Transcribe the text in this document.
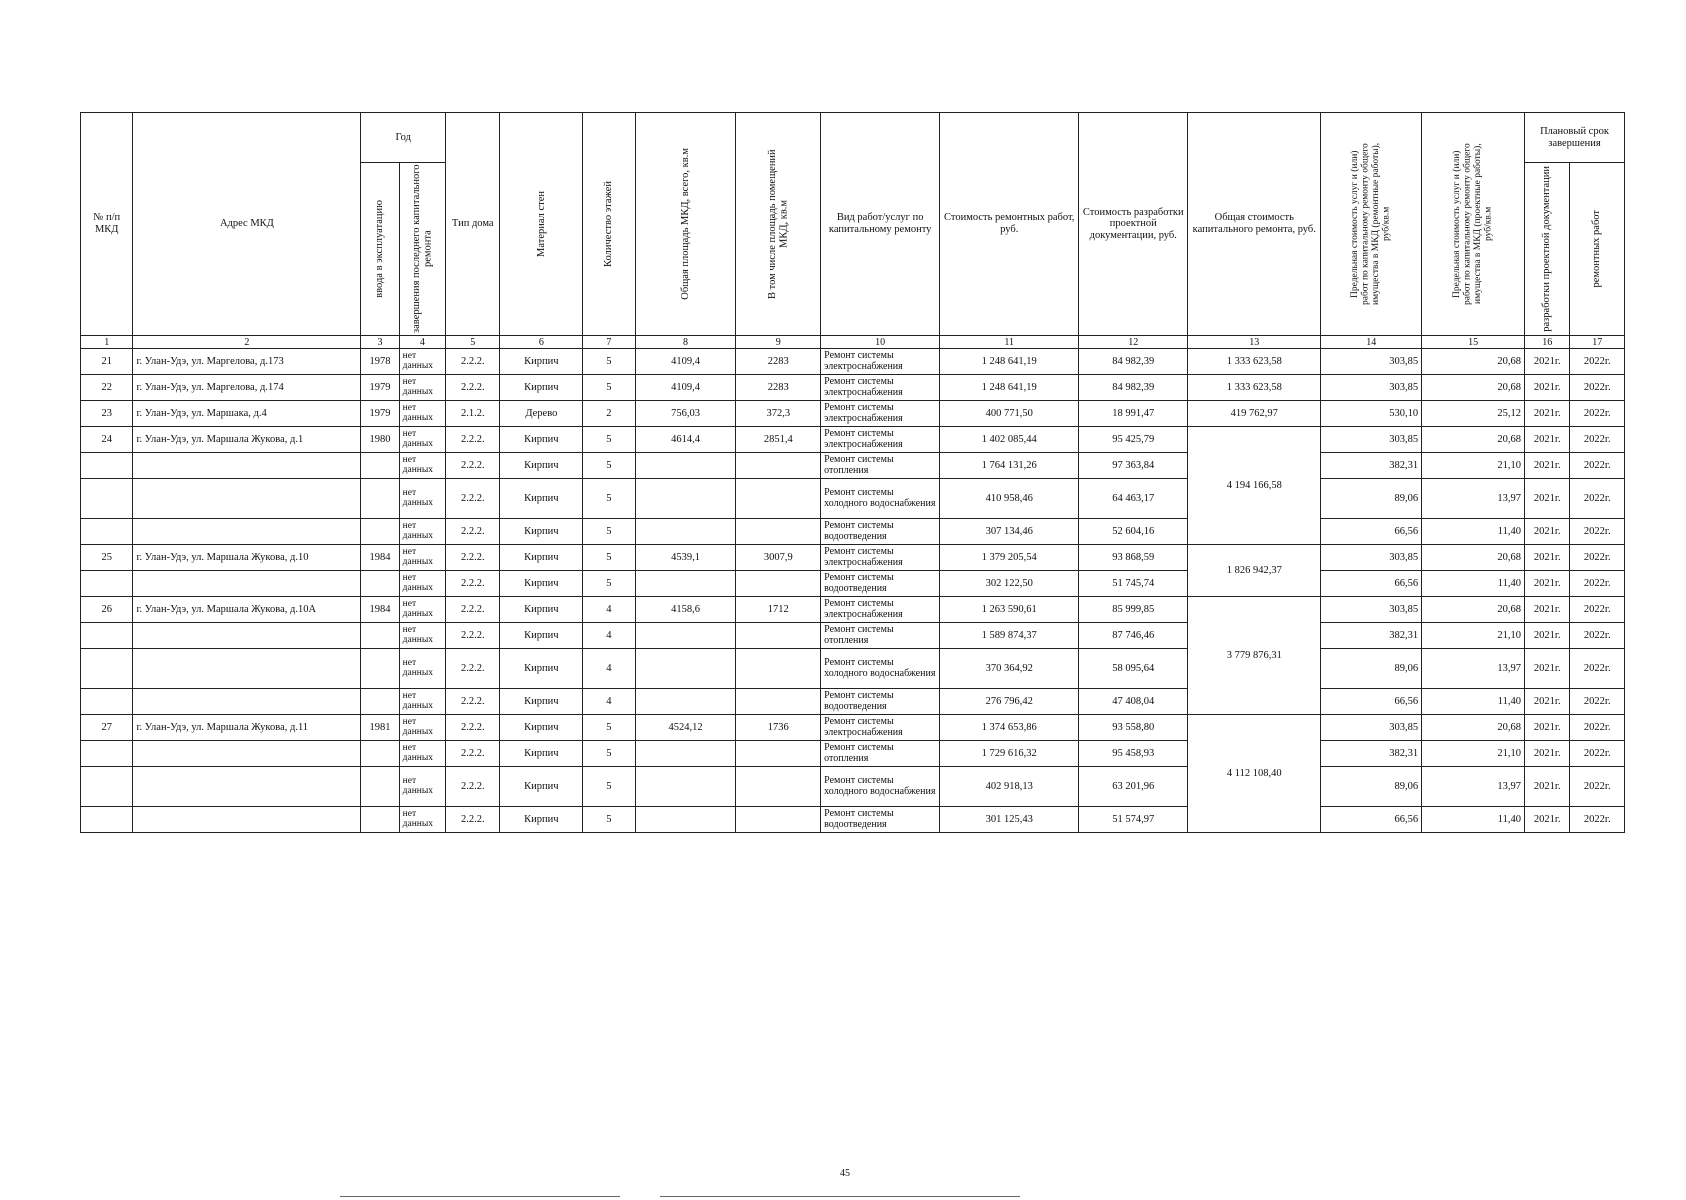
№ п/п МКД	Адрес МКД	Год		Тип дома	Материал стен	Количество этажей	Общая площадь МКД, всего, кв.м	В том числе площадь помещений МКД, кв.м	Вид работ/услуг по капитальному ремонту	Стоимость ремонтных работ, руб.	Стоимость разработки проектной документации, руб.	Общая стоимость капитального ремонта, руб.	Предельная стоимость услуг и (или) работ по капитальному ремонту общего имущества в МКД (ремонтные работы), руб/кв.м	Предельная стоимость услуг и (или) работ по капитальному ремонту общего имущества в МКД (проектные работы), руб/кв.м	Плановый срок завершения	

		ввода в эксплуатацию	завершения последнего капитального ремонта												разработки проектной документации	ремонтных работ

1	2	3	4	5	6	7	8	9	10	11	12	13	14	15	16	17
21	г. Улан-Удэ, ул. Маргелова, д.173	1978	нет данных	2.2.2.	Кирпич	5	4109,4	2283	Ремонт системы электроснабжения	1 248 641,19	84 982,39	1 333 623,58	303,85	20,68	2021г.	2022г.
22	г. Улан-Удэ, ул. Маргелова, д.174	1979	нет данных	2.2.2.	Кирпич	5	4109,4	2283	Ремонт системы электроснабжения	1 248 641,19	84 982,39	1 333 623,58	303,85	20,68	2021г.	2022г.
23	г. Улан-Удэ, ул. Маршака, д.4	1979	нет данных	2.1.2.	Дерево	2	756,03	372,3	Ремонт системы электроснабжения	400 771,50	18 991,47	419 762,97	530,10	25,12	2021г.	2022г.
24	г. Улан-Удэ, ул. Маршала Жукова, д.1	1980	нет данных	2.2.2.	Кирпич	5	4614,4	2851,4	Ремонт системы электроснабжения	1 402 085,44	95 425,79	4 194 166,58	303,85	20,68	2021г.	2022г.
			нет данных	2.2.2.	Кирпич	5			Ремонт системы отопления	1 764 131,26	97 363,84		382,31	21,10	2021г.	2022г.
			нет данных	2.2.2.	Кирпич	5			Ремонт системы холодного водоснабжения	410 958,46	64 463,17		89,06	13,97	2021г.	2022г.
			нет данных	2.2.2.	Кирпич	5			Ремонт системы водоотведения	307 134,46	52 604,16		66,56	11,40	2021г.	2022г.
25	г. Улан-Удэ, ул. Маршала Жукова, д.10	1984	нет данных	2.2.2.	Кирпич	5	4539,1	3007,9	Ремонт системы электроснабжения	1 379 205,54	93 868,59	1 826 942,37	303,85	20,68	2021г.	2022г.
			нет данных	2.2.2.	Кирпич	5			Ремонт системы водоотведения	302 122,50	51 745,74		66,56	11,40	2021г.	2022г.
26	г. Улан-Удэ, ул. Маршала Жукова, д.10А	1984	нет данных	2.2.2.	Кирпич	4	4158,6	1712	Ремонт системы электроснабжения	1 263 590,61	85 999,85	3 779 876,31	303,85	20,68	2021г.	2022г.
			нет данных	2.2.2.	Кирпич	4			Ремонт системы отопления	1 589 874,37	87 746,46		382,31	21,10	2021г.	2022г.
			нет данных	2.2.2.	Кирпич	4			Ремонт системы холодного водоснабжения	370 364,92	58 095,64		89,06	13,97	2021г.	2022г.
			нет данных	2.2.2.	Кирпич	4			Ремонт системы водоотведения	276 796,42	47 408,04		66,56	11,40	2021г.	2022г.
27	г. Улан-Удэ, ул. Маршала Жукова, д.11	1981	нет данных	2.2.2.	Кирпич	5	4524,12	1736	Ремонт системы электроснабжения	1 374 653,86	93 558,80	4 112 108,40	303,85	20,68	2021г.	2022г.
			нет данных	2.2.2.	Кирпич	5			Ремонт системы отопления	1 729 616,32	95 458,93		382,31	21,10	2021г.	2022г.
			нет данных	2.2.2.	Кирпич	5			Ремонт системы холодного водоснабжения	402 918,13	63 201,96		89,06	13,97	2021г.	2022г.
			нет данных	2.2.2.	Кирпич	5			Ремонт системы водоотведения	301 125,43	51 574,97		66,56	11,40	2021г.	2022г.
45
